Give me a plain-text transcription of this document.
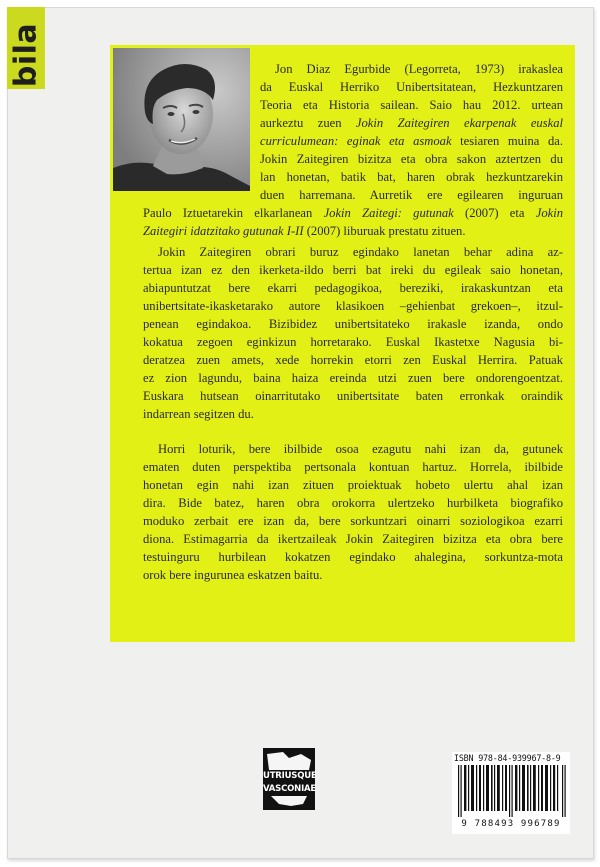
bila	Jon Diaz Egurbide (Legorreta, 1973) irakaslea
da Euskal Herriko Unibertsitatean, Hezkuntzaren
Teoria eta Historia sailean. Saio hau 2012. urtean
aurkeztu zuen Jokin Zaitegiren ekarpenak euskal
curriculumean: eginak eta asmoak tesiaren muina da.
Jokin Zaitegiren bizitza eta obra sakon aztertzen du
lan honetan, batik bat, haren obrak hezkuntzarekin
duen harremana. Aurretik ere egilearen inguruan
Paulo Iztuetarekin elkarlanean Jokin Zaitegi: gutunak (2007) eta Jokin
Zaitegiri idatzitako gutunak I-II (2007) liburuak prestatu zituen.
Jokin Zaitegiren obrari buruz egindako lanetan behar adina az-
tertua izan ez den ikerketa-ildo berri bat ireki du egileak saio honetan,
abiapuntutzat bere ekarri pedagogikoa, bereziki, irakaskuntzan eta
unibertsitate-ikasketarako autore klasikoen –gehienbat grekoen–, itzul-
penean egindakoa. Bizibidez unibertsitateko irakasle izanda, ondo
kokatua zegoen eginkizun horretarako. Euskal Ikastetxe Nagusia bi-
deratzea zuen amets, xede horrekin etorri zen Euskal Herrira. Patuak
ez zion lagundu, baina haiza ereinda utzi zuen bere ondorengoentzat.
Euskara hutsean oinarritutako unibertsitate baten erronkak oraindik
indarrean segitzen du.
Horri loturik, bere ibilbide osoa ezagutu nahi izan da, gutunek
ematen duten perspektiba pertsonala kontuan hartuz. Horrela, ibilbide
honetan egin nahi izan zituen proiektuak hobeto ulertu ahal izan
dira. Bide batez, haren obra orokorra ulertzeko hurbilketa biografiko
moduko zerbait ere izan da, bere sorkuntzari oinarri soziologikoa ezarri
diona. Estimagarria da ikertzaileak Jokin Zaitegiren bizitza eta obra bere
testuinguru hurbilean kokatzen egindako ahalegina, sorkuntza-mota
orok bere ingurunea eskatzen baitu.
UTRIUSQUE
VASCONIAE
ISBN 978-84-939967-8-9
9 788493 996789
